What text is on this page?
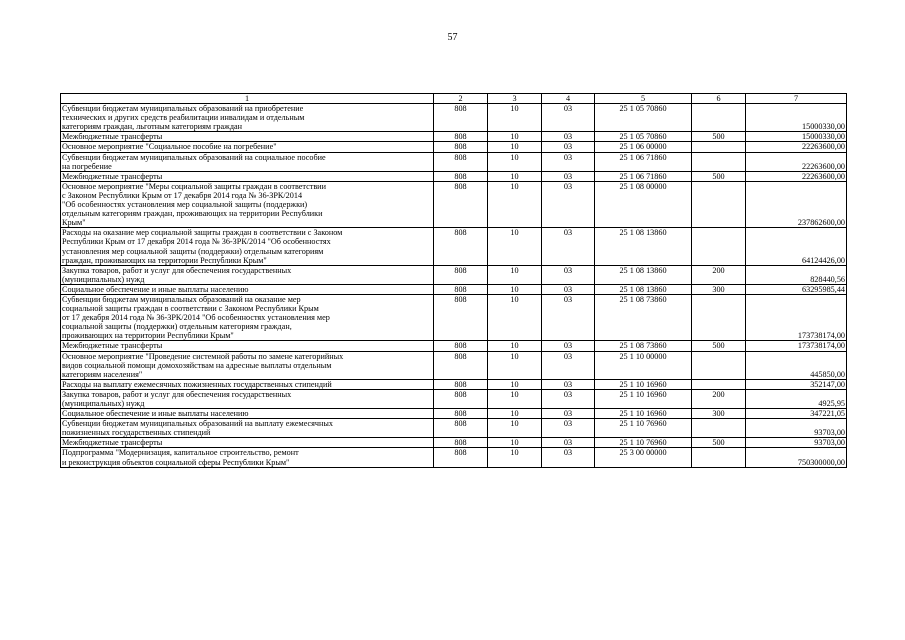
57
1	2	3	4	5	6	7
Субвенции бюджетам муниципальных образований на приобретение
технических и других средств реабилитации инвалидам и отдельным
категориям граждан, льготным категориям граждан	808	10	03	25 1 05 70860		15000330,00
Межбюджетные трансферты	808	10	03	25 1 05 70860	500	15000330,00
Основное мероприятие "Социальное пособие на погребение"	808	10	03	25 1 06 00000		22263600,00
Субвенции бюджетам муниципальных образований на социальное пособие
на погребение	808	10	03	25 1 06 71860		22263600,00
Межбюджетные трансферты	808	10	03	25 1 06 71860	500	22263600,00
Основное мероприятие "Меры социальной защиты граждан в соответствии
с Законом Республики Крым от 17 декабря 2014 года № 36-ЗРК/2014
"Об особенностях установления мер социальной защиты (поддержки)
отдельным категориям граждан, проживающих на территории Республики
Крым"	808	10	03	25 1 08 00000		237862600,00
Расходы на оказание мер социальной защиты граждан в соответствии с Законом
Республики Крым от 17 декабря 2014 года № 36-ЗРК/2014 "Об особенностях
установления мер социальной защиты (поддержки) отдельным категориям
граждан, проживающих на территории Республики Крым"	808	10	03	25 1 08 13860		64124426,00
Закупка товаров, работ и услуг для обеспечения государственных
(муниципальных) нужд	808	10	03	25 1 08 13860	200	828440,56
Социальное обеспечение и иные выплаты населению	808	10	03	25 1 08 13860	300	63295985,44
Субвенции бюджетам муниципальных образований на оказание мер
социальной защиты граждан в соответствии с Законом Республики Крым
от 17 декабря 2014 года № 36-ЗРК/2014 "Об особенностях установления мер
социальной защиты (поддержки) отдельным категориям граждан,
проживающих на территории Республики Крым"	808	10	03	25 1 08 73860		173738174,00
Межбюджетные трансферты	808	10	03	25 1 08 73860	500	173738174,00
Основное мероприятие "Проведение системной работы по замене категорийных
видов социальной помощи домохозяйствам на адресные выплаты отдельным
категориям населения"	808	10	03	25 1 10 00000		445850,00
Расходы на выплату ежемесячных пожизненных государственных стипендий	808	10	03	25 1 10 16960		352147,00
Закупка товаров, работ и услуг для обеспечения государственных
(муниципальных) нужд	808	10	03	25 1 10 16960	200	4925,95
Социальное обеспечение и иные выплаты населению	808	10	03	25 1 10 16960	300	347221,05
Субвенции бюджетам муниципальных образований на выплату ежемесячных
пожизненных государственных стипендий	808	10	03	25 1 10 76960		93703,00
Межбюджетные трансферты	808	10	03	25 1 10 76960	500	93703,00
Подпрограмма "Модернизация, капитальное строительство, ремонт
и реконструкция объектов социальной сферы Республики Крым"	808	10	03	25 3 00 00000		750300000,00
